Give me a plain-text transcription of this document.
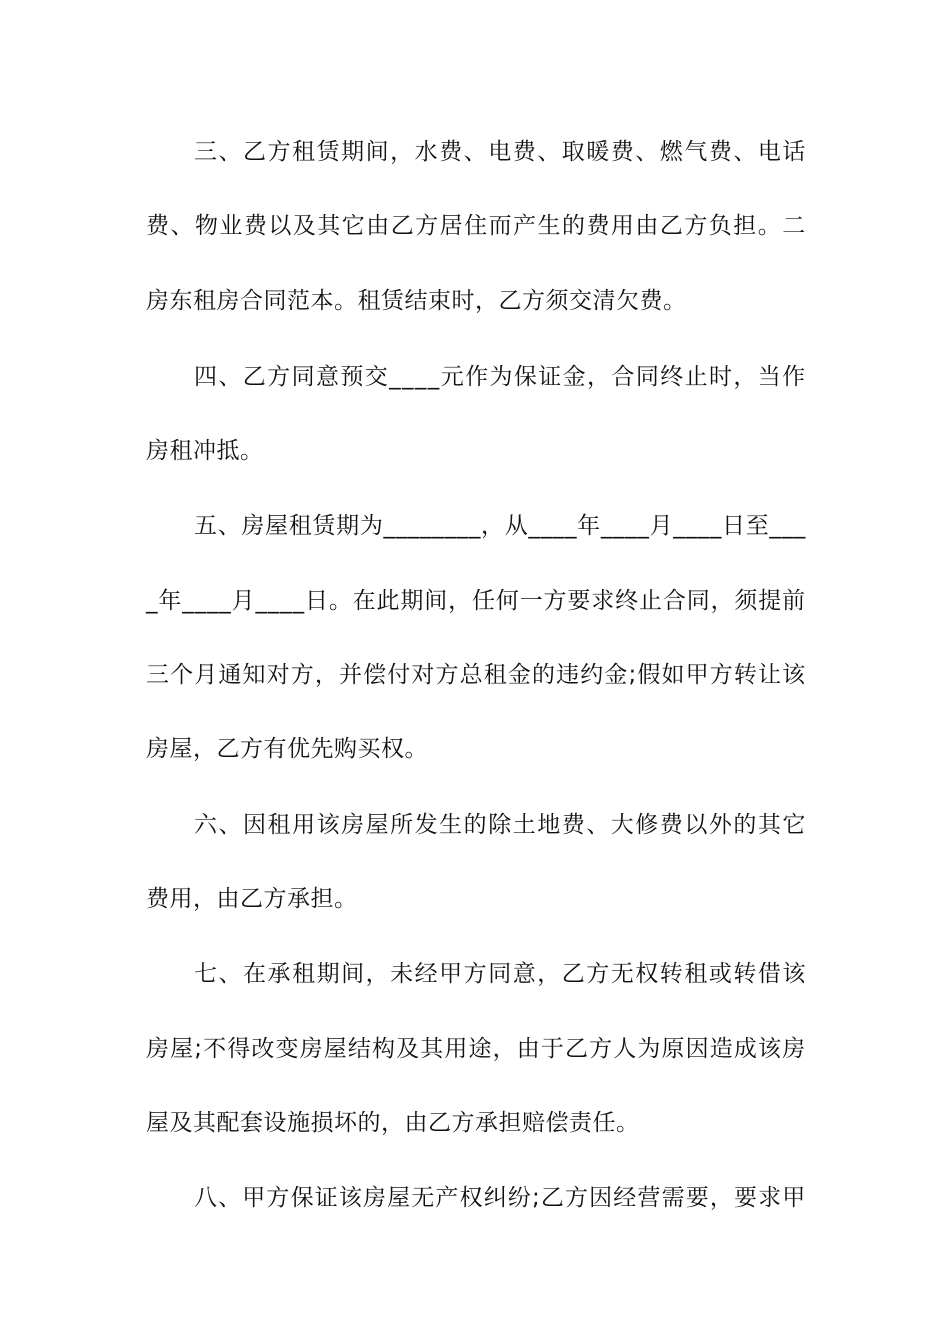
三 、 乙 方 租 赁 期 间 ， 水 费 、 电 费 、 取 暖 费 、 燃 气 费 、 电 话
费 、 物 业 费 以 及 其 它 由 乙 方 居 住 而 产 生 的 费 用 由 乙 方 负 担 。 二
房东租房合同范本。租赁结束时，乙方须交清欠费。
四 、 乙 方 同 意 预 交 _ _ _ _ 元 作 为 保 证 金 ， 合 同 终 止 时 ， 当 作
房租冲抵。
五 、 房 屋 租 赁 期 为 _ _ _ _ _ _ _ _ ， 从 _ _ _ _ 年 _ _ _ _ 月 _ _ _ _ 日 至 _ _ _
_ 年 _ _ _ _ 月 _ _ _ _ 日 。 在 此 期 间 ， 任 何 一 方 要 求 终 止 合 同 ， 须 提 前
三 个 月 通 知 对 方 ， 并 偿 付 对 方 总 租 金 的 违 约 金 ; 假 如 甲 方 转 让 该
房屋，乙方有优先购买权。
六 、 因 租 用 该 房 屋 所 发 生 的 除 土 地 费 、 大 修 费 以 外 的 其 它
费用，由乙方承担。
七 、 在 承 租 期 间 ， 未 经 甲 方 同 意 ， 乙 方 无 权 转 租 或 转 借 该
房 屋 ; 不 得 改 变 房 屋 结 构 及 其 用 途 ， 由 于 乙 方 人 为 原 因 造 成 该 房
屋及其配套设施损坏的，由乙方承担赔偿责任。
八 、 甲 方 保 证 该 房 屋 无 产 权 纠 纷 ; 乙 方 因 经 营 需 要 ， 要 求 甲
